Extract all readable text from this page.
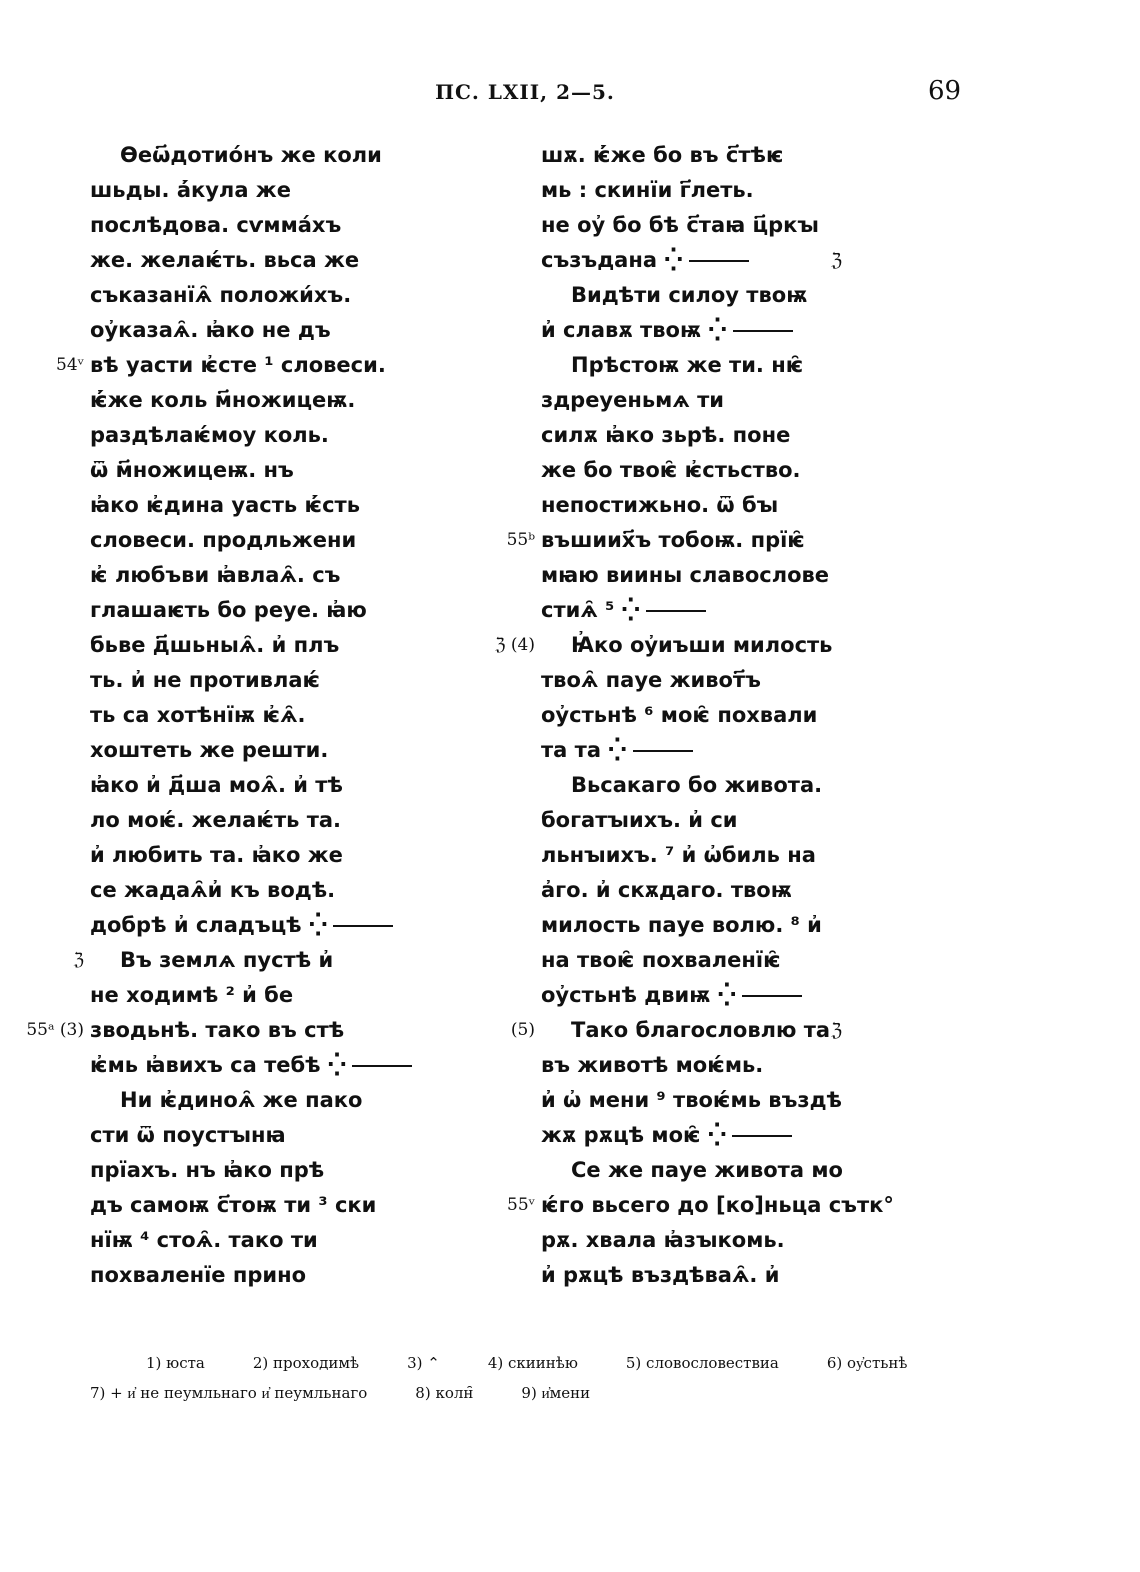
ПС. LXII, 2—5.	69
Ѳеѡ҃дотио́нъ же коли
шьды. а҆́кула же
послѣдова. сѵмма́хъ
же. желаѥ́ть. вьса же
съказанїѧ̑ положи́хъ.
оу҆казаѧ̑. ꙗ҆ко не дъ
54ᵛ вѣ уасти ѥ҆сте ¹ словеси.
ѥ҆́же коль м҃ножицеѭ.
раздѣлаѥ́моу коль.
ѿ м҃ножицеѭ. нъ
ꙗ҆ко ѥ҆дина уасть ѥ҆́сть
словеси. продльжени
ѥ҆ любъви ꙗ҆влаѧ̑. съ
глашаѥть бо реуе. ꙗ҆ю
бьве д҃шьныѧ̑. и҆ плъ
ть. и҆ не противлаѥ́
ть са хотѣнїѭ ѥ҆ѧ̑.
хоштеть же решти.
ꙗ҆ко и҆ д҃ша моѧ̑. и҆ тѣ
ло моѥ́. желаѥ́ть та.
и҆ любить та. ꙗ҆ко же
се жадаѧ̑и҆ къ водѣ.
добрѣ и҆ сладъцѣ ⁛
ℨ Въ землѧ пустѣ и҆
не ходимѣ ² и҆ бе
55ᵃ (3) зводьнѣ. тако въ стѣ
ѥ҆мь ꙗ҆вихъ са тебѣ ⁛
Ни ѥ҆диноѧ̑ же пако
сти ѿ поустꙑнꙗ
прїахъ. нъ ꙗ҆ко прѣ
дъ самоѭ с҃тоѭ ти ³ ски
нїѭ ⁴ стоѧ̑. тако ти
похваленїе прино
шѫ. ѥ҆́же бо въ с҃тѣѥ
мь : скинїи г҃леть.
не оу҆ бо бѣ с҃таꙗ ц҃ркꙑ
съзъдана ⁛	ℨ
Видѣти силоу твоѭ
и҆ славѫ твоѭ ⁛
Прѣстоѭ же ти. нѥ̑
здреуеньмѧ ти
силѫ ꙗ҆ко зьрѣ. поне
же бо твоѥ̑ ѥ҆стьство.
непостижьно. ѿ бꙑ
55ᵇ въшиих҃ъ тобоѭ. прїѥ̑
мꙗю виины славослове
стиѧ̑ ⁵ ⁛
ℨ (4) Ꙗ҆ко оу҆иъши милость
твоѧ̑ пауе живот҃ъ
оу҆стьнѣ ⁶ моѥ̑ похвали
та та ⁛
Вьсакаго бо живота.
богатꙑихъ. и҆ си
льнꙑихъ. ⁷ и҆ ѡ҆биль на
а҆го. и҆ скѫдаго. твоѭ
милость пауе волю. ⁸ и҆
на твоѥ̑ похваленїѥ̑
оу҆стьнѣ двиѭ ⁛
(5) Тако благословлю та ℨ
въ животѣ моѥ́мь.
и҆ ѡ҆ мени ⁹ твоѥ́мь въздѣ
жѫ рѫцѣ моѥ̑ ⁛
Се же пауе живота мо
55ᵛ ѥ́го вьсего до [ко]ньца сътк°
рѫ. хвала ꙗ҆зꙑкомь.
и҆ рѫцѣ въздѣваѧ̑. и҆
1) юста	2) проходимѣ	3) ⌃	4) скиинѣю	5) словословествиа	6) оу҆стьнѣ
7) + и҆ не пеумльнаго и҆ пеумльнаго	8) колн̑	9) и҆мени
